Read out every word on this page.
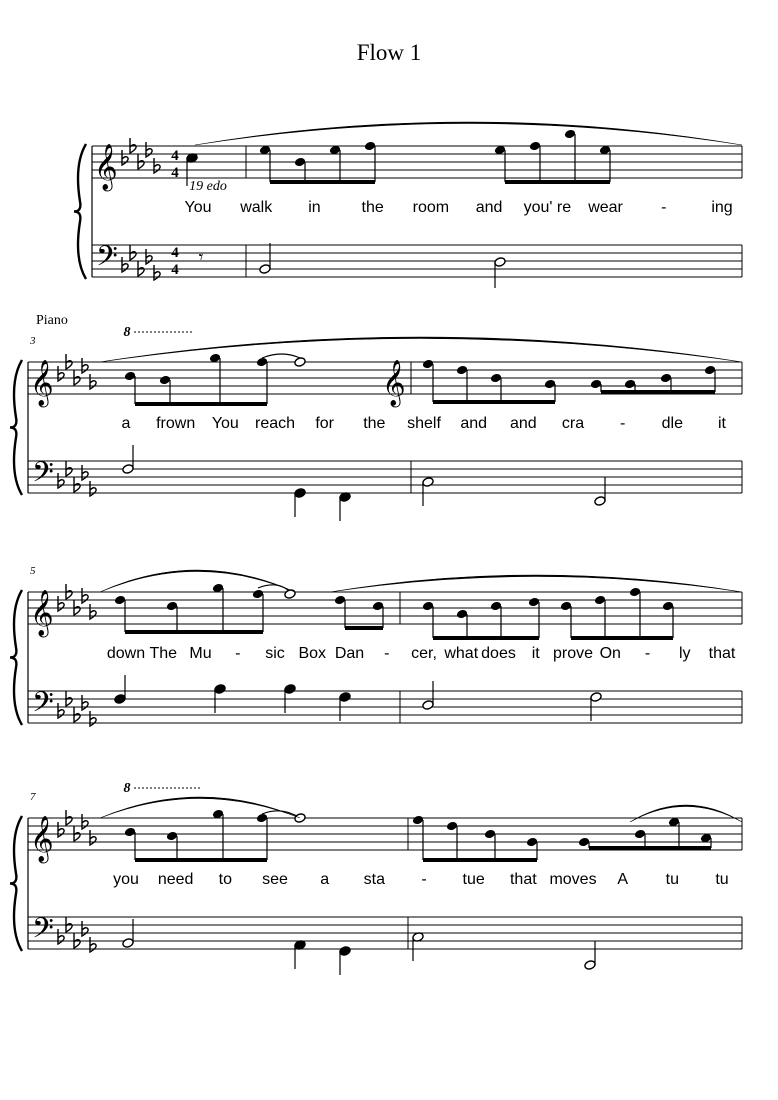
Flow 1
𝄞
𝄢
You walk in	the room and you' re wear -	ing
𝄞
𝄢
3
a frown You reach for the shelf and and cra - dle it
𝄞
𝄢
5
down The Mu - sic Box Dan - cer, what does it prove On - ly that
𝄞
𝄢
7
you need to see a sta - tue that moves A tu tu
4
4
4
4
19 edo
𝄾
8
𝄞
8
Piano
